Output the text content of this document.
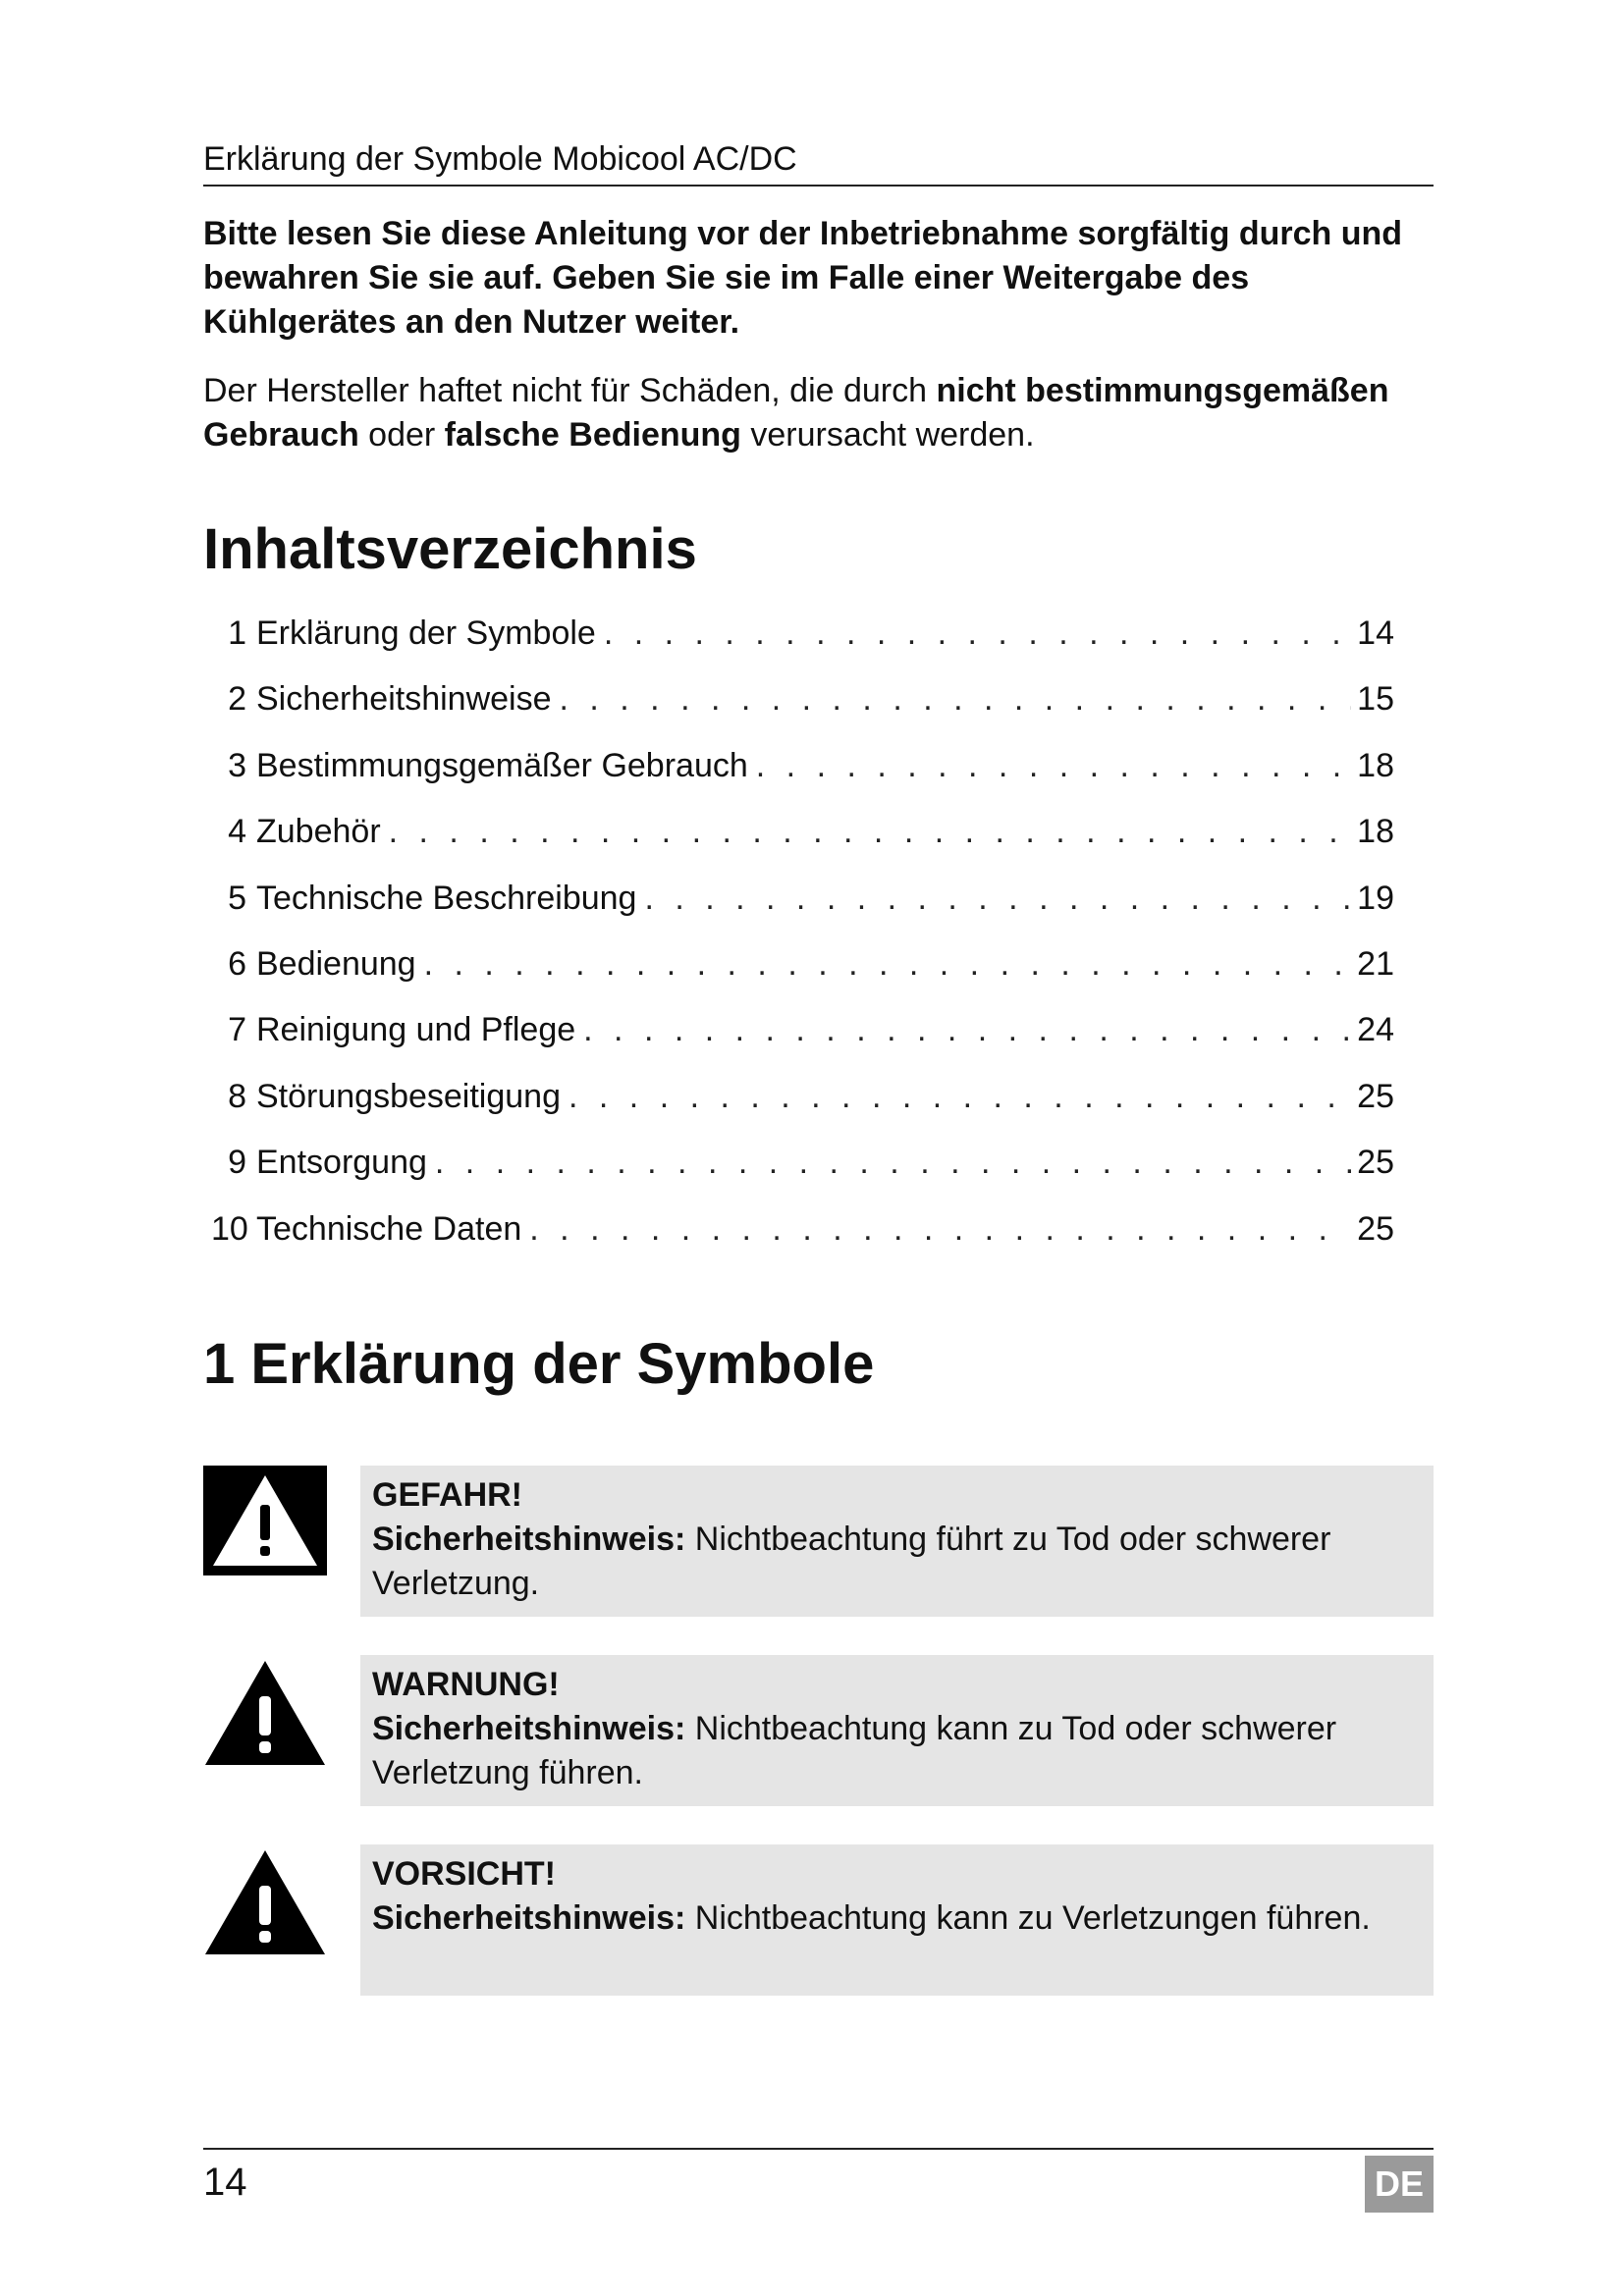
Erklärung der Symbole Mobicool AC/DC
Bitte lesen Sie diese Anleitung vor der Inbetriebnahme sorgfältig durch und bewahren Sie sie auf. Geben Sie sie im Falle einer Weitergabe des Kühlgerätes an den Nutzer weiter.
Der Hersteller haftet nicht für Schäden, die durch nicht bestimmungsgemäßen Gebrauch oder falsche Bedienung verursacht werden.
Inhaltsverzeichnis
1 Erklärung der Symbole . . .	14
2 Sicherheitshinweise . . .	15
3 Bestimmungsgemäßer Gebrauch . . .	18
4 Zubehör . . .	18
5 Technische Beschreibung . . .	19
6 Bedienung . . .	21
7 Reinigung und Pflege . . .	24
8 Störungsbeseitigung . . .	25
9 Entsorgung . . .	25
10 Technische Daten . . .	25
1 Erklärung der Symbole
GEFAHR!
Sicherheitshinweis: Nichtbeachtung führt zu Tod oder schwerer Verletzung.
WARNUNG!
Sicherheitshinweis: Nichtbeachtung kann zu Tod oder schwerer Verletzung führen.
VORSICHT!
Sicherheitshinweis: Nichtbeachtung kann zu Verletzungen führen.
14	DE
